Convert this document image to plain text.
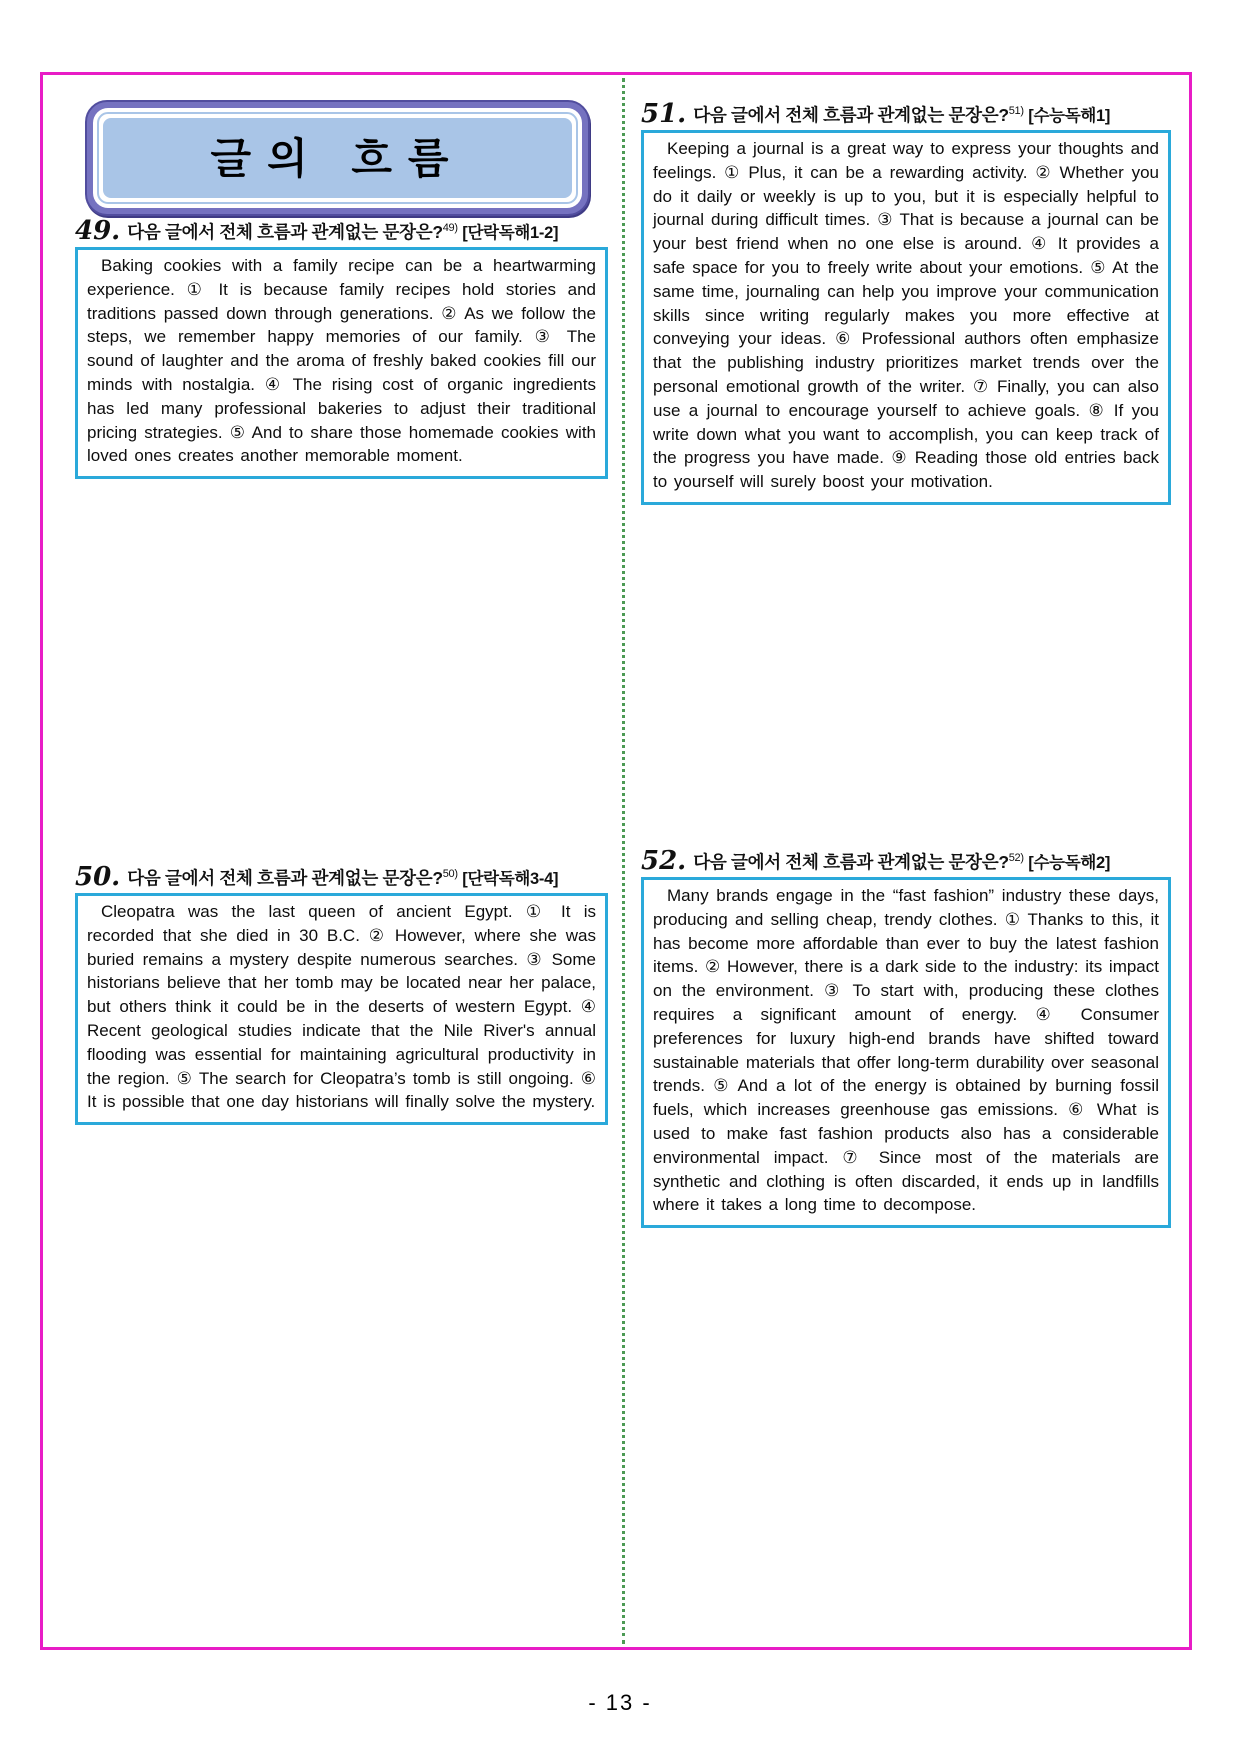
글의 흐름
49. 다음 글에서 전체 흐름과 관계없는 문장은?$^{49)}$ [단락독해1-2]

Baking cookies with a family recipe can be a heartwarming experience. ① It is because family recipes hold stories and traditions passed down through generations. ② As we follow the steps, we remember happy memories of our family. ③ The sound of laughter and the aroma of freshly baked cookies fill our minds with nostalgia. ④ The rising cost of organic ingredients has led many professional bakeries to adjust their traditional pricing strategies. ⑤ And to share those homemade cookies with loved ones creates another memorable moment.

50. 다음 글에서 전체 흐름과 관계없는 문장은?$^{50)}$ [단락독해3-4]

Cleopatra was the last queen of ancient Egypt. ① It is recorded that she died in 30 B.C. ② However, where she was buried remains a mystery despite numerous searches. ③ Some historians believe that her tomb may be located near her palace, but others think it could be in the deserts of western Egypt. ④ Recent geological studies indicate that the Nile River's annual flooding was essential for maintaining agricultural productivity in the region. ⑤ The search for Cleopatra’s tomb is still ongoing. ⑥ It is possible that one day historians will finally solve the mystery.

51. 다음 글에서 전체 흐름과 관계없는 문장은?$^{51)}$ [수능독해1]

Keeping a journal is a great way to express your thoughts and feelings. ① Plus, it can be a rewarding activity. ② Whether you do it daily or weekly is up to you, but it is especially helpful to journal during difficult times. ③ That is because a journal can be your best friend when no one else is around. ④ It provides a safe space for you to freely write about your emotions. ⑤ At the same time, journaling can help you improve your communication skills since writing regularly makes you more effective at conveying your ideas. ⑥ Professional authors often emphasize that the publishing industry prioritizes market trends over the personal emotional growth of the writer. ⑦ Finally, you can also use a journal to encourage yourself to achieve goals. ⑧ If you write down what you want to accomplish, you can keep track of the progress you have made. ⑨ Reading those old entries back to yourself will surely boost your motivation.

52. 다음 글에서 전체 흐름과 관계없는 문장은?$^{52)}$ [수능독해2]

Many brands engage in the “fast fashion” industry these days, producing and selling cheap, trendy clothes. ① Thanks to this, it has become more affordable than ever to buy the latest fashion items. ② However, there is a dark side to the industry: its impact on the environment. ③ To start with, producing these clothes requires a significant amount of energy. ④ Consumer preferences for luxury high-end brands have shifted toward sustainable materials that offer long-term durability over seasonal trends. ⑤ And a lot of the energy is obtained by burning fossil fuels, which increases greenhouse gas emissions. ⑥ What is used to make fast fashion products also has a considerable environmental impact. ⑦ Since most of the materials are synthetic and clothing is often discarded, it ends up in landfills where it takes a long time to decompose.

- 13 -
